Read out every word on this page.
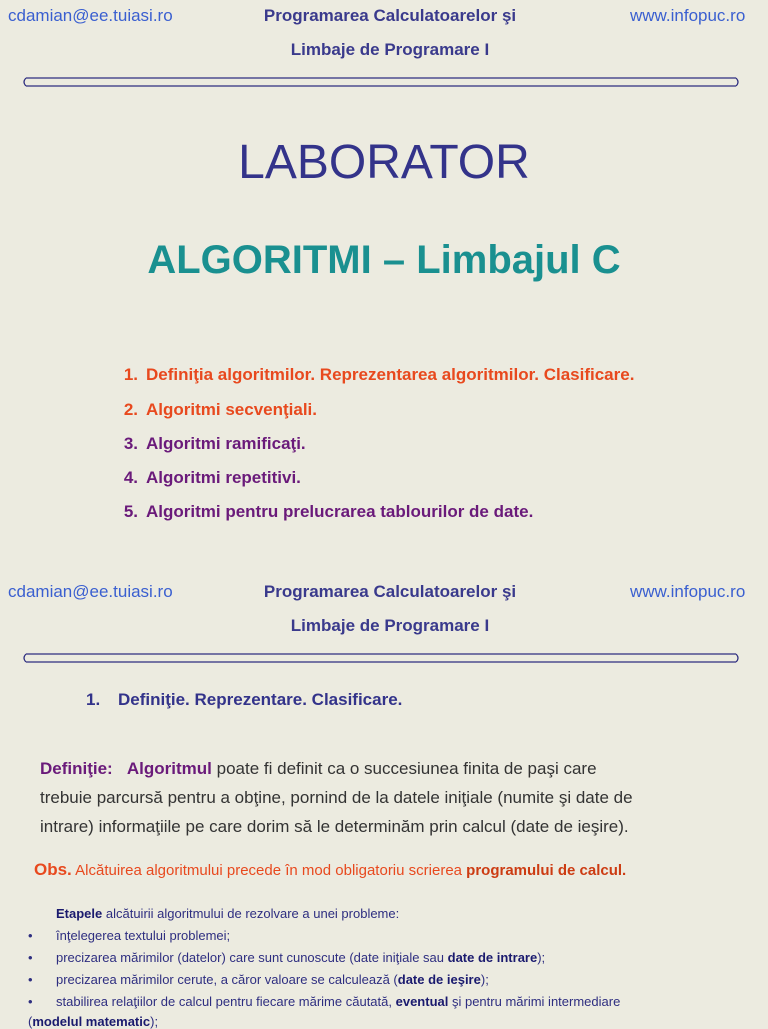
cdamian@ee.tuiasi.ro	Programarea Calculatoarelor şi
Limbaje de Programare I
www.infopuc.ro
LABORATOR
ALGORITMI – Limbajul C
1. Definiţia algoritmilor. Reprezentarea algoritmilor. Clasificare.
2. Algoritmi secvenţiali.
3. Algoritmi ramificaţi.
4. Algoritmi repetitivi.
5. Algoritmi pentru prelucrarea tablourilor de date.
cdamian@ee.tuiasi.ro	Programarea Calculatoarelor şi
Limbaje de Programare I
www.infopuc.ro
1. Definiţie. Reprezentare. Clasificare.
Definiţie: Algoritmul poate fi definit ca o succesiunea finita de paşi care
trebuie parcursă pentru a obţine, pornind de la datele iniţiale (numite şi date de
intrare) informaţiile pe care dorim să le determinăm prin calcul (date de ieşire).
Obs. Alcătuirea algoritmului precede în mod obligatoriu scrierea programului de calcul.
Etapele alcătuirii algoritmului de rezolvare a unei probleme:
• înţelegerea textului problemei;
• precizarea mărimilor (datelor) care sunt cunoscute (date iniţiale sau date de intrare);
• precizarea mărimilor cerute, a căror valoare se calculează (date de ieşire);
• stabilirea relaţiilor de calcul pentru fiecare mărime căutată, eventual şi pentru mărimi intermediare
(modelul matematic);
